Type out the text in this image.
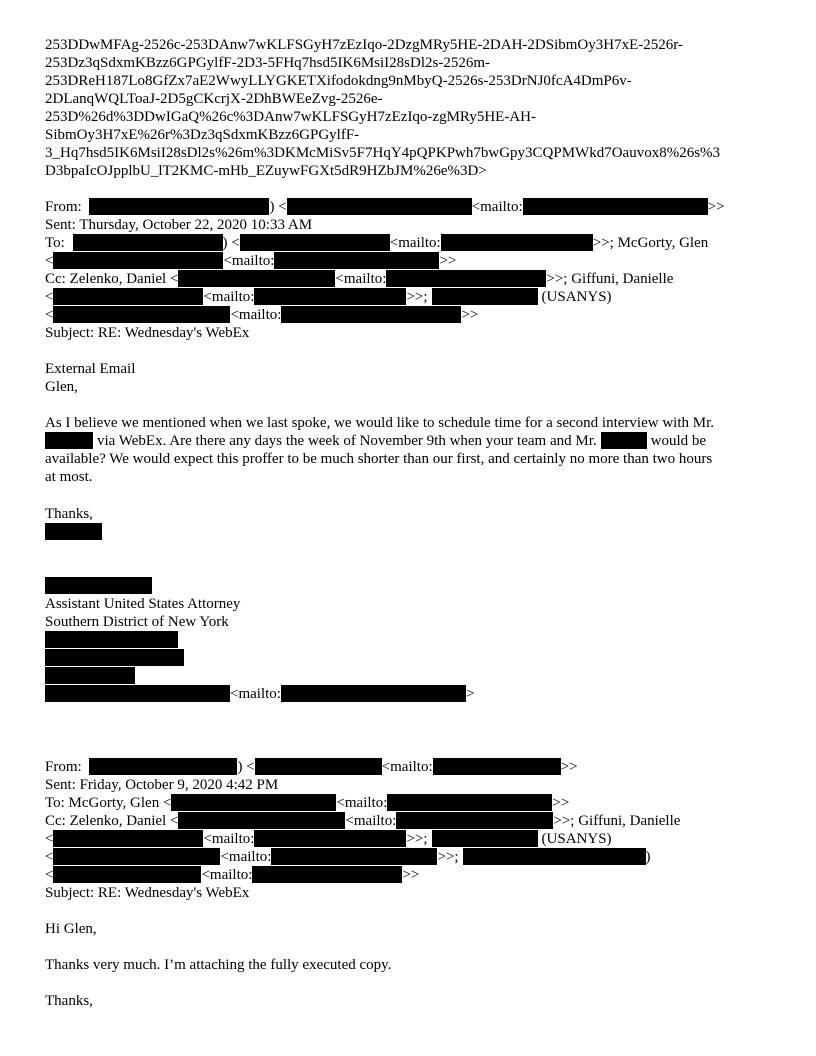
253DDwMFAg-2526c-253DAnw7wKLFSGyH7zEzIqo-2DzgMRy5HE-2DAH-2DSibmOy3H7xE-2526r-
253Dz3qSdxmKBzz6GPGylfF-2D3-5FHq7hsd5IK6MsiI28sDl2s-2526m-
253DReH187Lo8GfZx7aE2WwyLLYGKETXifodokdng9nMbyQ-2526s-253DrNJ0fcA4DmP6v-
2DLanqWQLToaJ-2D5gCKcrjX-2DhBWEeZvg-2526e-
253D%26d%3DDwIGaQ%26c%3DAnw7wKLFSGyH7zEzIqo-zgMRy5HE-AH-
SibmOy3H7xE%26r%3Dz3qSdxmKBzz6GPGylfF-
3_Hq7hsd5IK6MsiI28sDl2s%26m%3DKMcMiSv5F7HqY4pQPKPwh7bwGpy3CQPMWkd7Oauvox8%26s%3
D3bpaIcOJpplbU_lT2KMC-mHb_EZuywFGXt5dR9HZbJM%26e%3D>
From:	) <	<mailto:	>>
Sent: Thursday, October 22, 2020 10:33 AM
To:	) <	<mailto:	>>; McGorty, Glen
<	<mailto:	>>
Cc: Zelenko, Daniel <	<mailto:	>>; Giffuni, Danielle
<	<mailto:	>>;	(USANYS)
<	<mailto:	>>
Subject: RE: Wednesday's WebEx
External Email
Glen,
As I believe we mentioned when we last spoke, we would like to schedule time for a second interview with Mr.
via WebEx. Are there any days the week of November 9th when your team and Mr.	would be
available? We would expect this proffer to be much shorter than our first, and certainly no more than two hours
at most.
Thanks,
Assistant United States Attorney
Southern District of New York
<mailto:	>
From:	) <	<mailto:	>>
Sent: Friday, October 9, 2020 4:42 PM
To: McGorty, Glen <	<mailto:	>>
Cc: Zelenko, Daniel <	<mailto:	>>; Giffuni, Danielle
<	<mailto:	>>;	(USANYS)
<	<mailto:	>>;	)
<	<mailto:	>>
Subject: RE: Wednesday's WebEx
Hi Glen,
Thanks very much. I’m attaching the fully executed copy.
Thanks,
